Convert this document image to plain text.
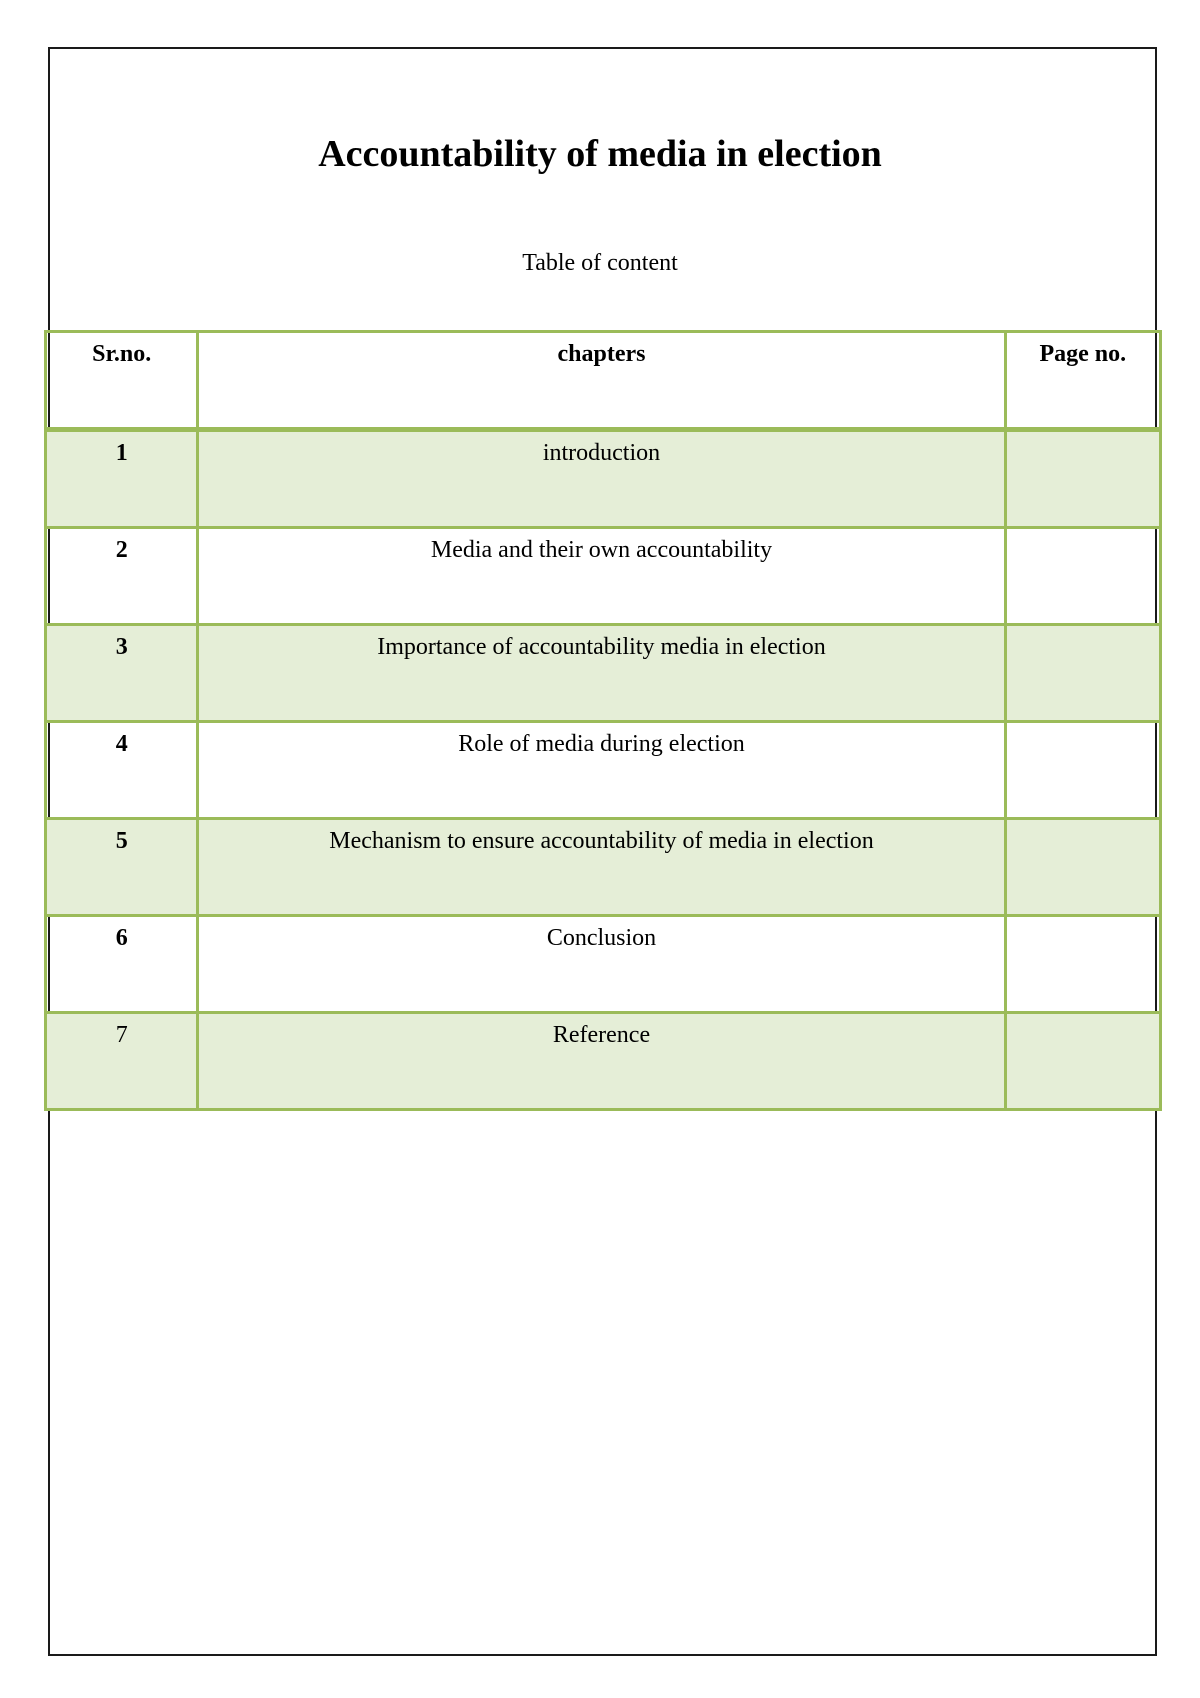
Accountability of media in election
Table of content
Sr.no.	chapters	Page no.

1	introduction	

2	Media and their own accountability	

3	Importance of accountability media in election	

4	Role of media during election	

5	Mechanism to ensure accountability of media in election	

6	Conclusion	

7	Reference	
